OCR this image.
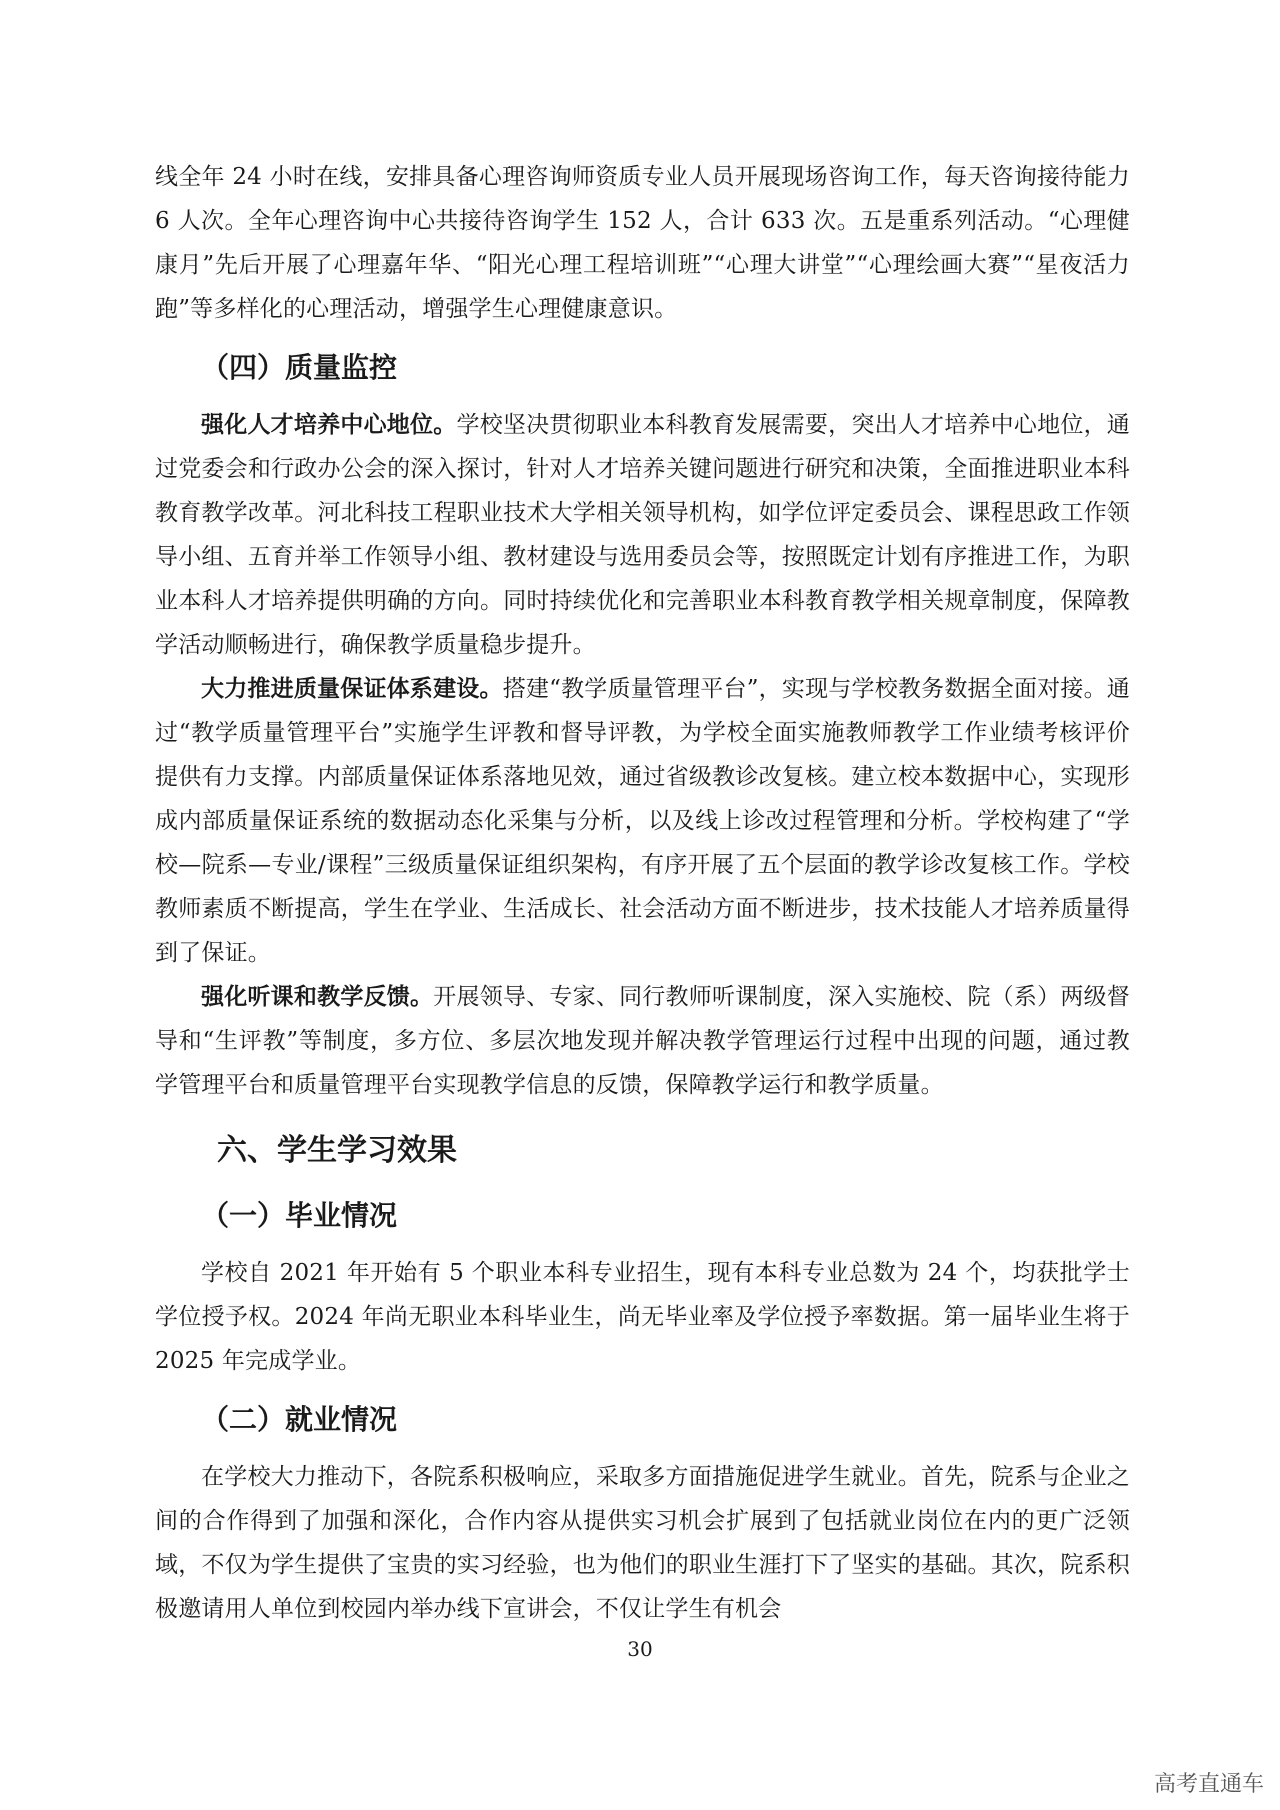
线全年 24 小时在线，安排具备心理咨询师资质专业人员开展现场咨询工作，每天咨询接待能力 6 人次。全年心理咨询中心共接待咨询学生 152 人，合计 633 次。五是重系列活动。“心理健康月”先后开展了心理嘉年华、“阳光心理工程培训班”“心理大讲堂”“心理绘画大赛”“星夜活力跑”等多样化的心理活动，增强学生心理健康意识。

（四）质量监控

强化人才培养中心地位。学校坚决贯彻职业本科教育发展需要，突出人才培养中心地位，通过党委会和行政办公会的深入探讨，针对人才培养关键问题进行研究和决策，全面推进职业本科教育教学改革。河北科技工程职业技术大学相关领导机构，如学位评定委员会、课程思政工作领导小组、五育并举工作领导小组、教材建设与选用委员会等，按照既定计划有序推进工作，为职业本科人才培养提供明确的方向。同时持续优化和完善职业本科教育教学相关规章制度，保障教学活动顺畅进行，确保教学质量稳步提升。

大力推进质量保证体系建设。搭建“教学质量管理平台”，实现与学校教务数据全面对接。通过“教学质量管理平台”实施学生评教和督导评教，为学校全面实施教师教学工作业绩考核评价提供有力支撑。内部质量保证体系落地见效，通过省级教诊改复核。建立校本数据中心，实现形成内部质量保证系统的数据动态化采集与分析，以及线上诊改过程管理和分析。学校构建了“学校—院系—专业/课程”三级质量保证组织架构，有序开展了五个层面的教学诊改复核工作。学校教师素质不断提高，学生在学业、生活成长、社会活动方面不断进步，技术技能人才培养质量得到了保证。

强化听课和教学反馈。开展领导、专家、同行教师听课制度，深入实施校、院（系）两级督导和“生评教”等制度，多方位、多层次地发现并解决教学管理运行过程中出现的问题，通过教学管理平台和质量管理平台实现教学信息的反馈，保障教学运行和教学质量。

六、学生学习效果
（一）毕业情况

学校自 2021 年开始有 5 个职业本科专业招生，现有本科专业总数为 24 个，均获批学士学位授予权。2024 年尚无职业本科毕业生，尚无毕业率及学位授予率数据。第一届毕业生将于 2025 年完成学业。

（二）就业情况

在学校大力推动下，各院系积极响应，采取多方面措施促进学生就业。首先，院系与企业之间的合作得到了加强和深化，合作内容从提供实习机会扩展到了包括就业岗位在内的更广泛领域，不仅为学生提供了宝贵的实习经验，也为他们的职业生涯打下了坚实的基础。其次，院系积极邀请用人单位到校园内举办线下宣讲会，不仅让学生有机会

30
高考直通车
